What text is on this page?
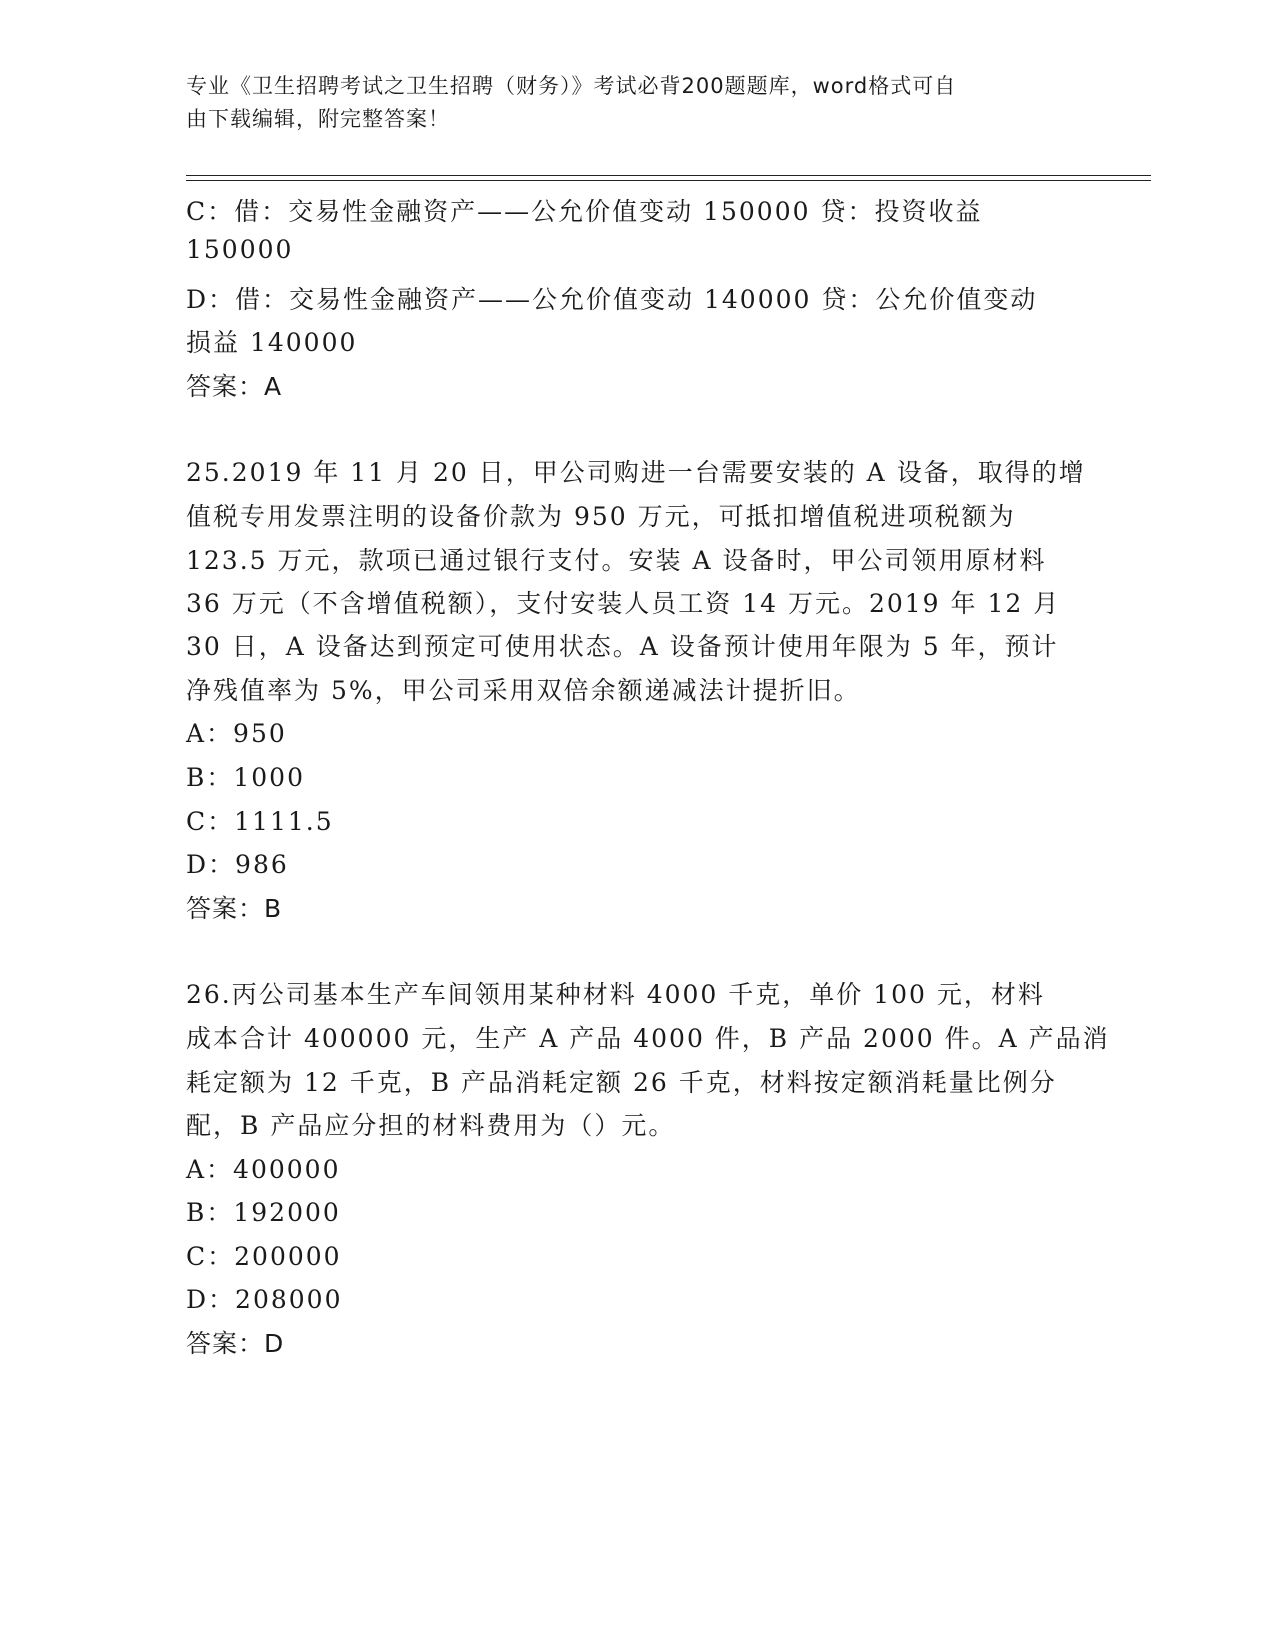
专业《卫生招聘考试之卫生招聘（财务）》考试必背200题题库，word格式可自
由下载编辑，附完整答案！

C：借：交易性金融资产——公允价值变动 150000 贷：投资收益

150000

D：借：交易性金融资产——公允价值变动 140000 贷：公允价值变动

损益 140000

答案：A

25.2019 年 11 月 20 日，甲公司购进一台需要安装的 A 设备，取得的增

值税专用发票注明的设备价款为 950 万元，可抵扣增值税进项税额为

123.5 万元，款项已通过银行支付。安装 A 设备时，甲公司领用原材料

36 万元（不含增值税额），支付安装人员工资 14 万元。2019 年 12 月

30 日，A 设备达到预定可使用状态。A 设备预计使用年限为 5 年，预计

净残值率为 5%，甲公司采用双倍余额递减法计提折旧。

A：950

B：1000

C：1111.5

D：986

答案：B

26.丙公司基本生产车间领用某种材料 4000 千克，单价 100 元，材料

成本合计 400000 元，生产 A 产品 4000 件，B 产品 2000 件。A 产品消

耗定额为 12 千克，B 产品消耗定额 26 千克，材料按定额消耗量比例分

配，B 产品应分担的材料费用为（）元。

A：400000

B：192000

C：200000

D：208000

答案：D
